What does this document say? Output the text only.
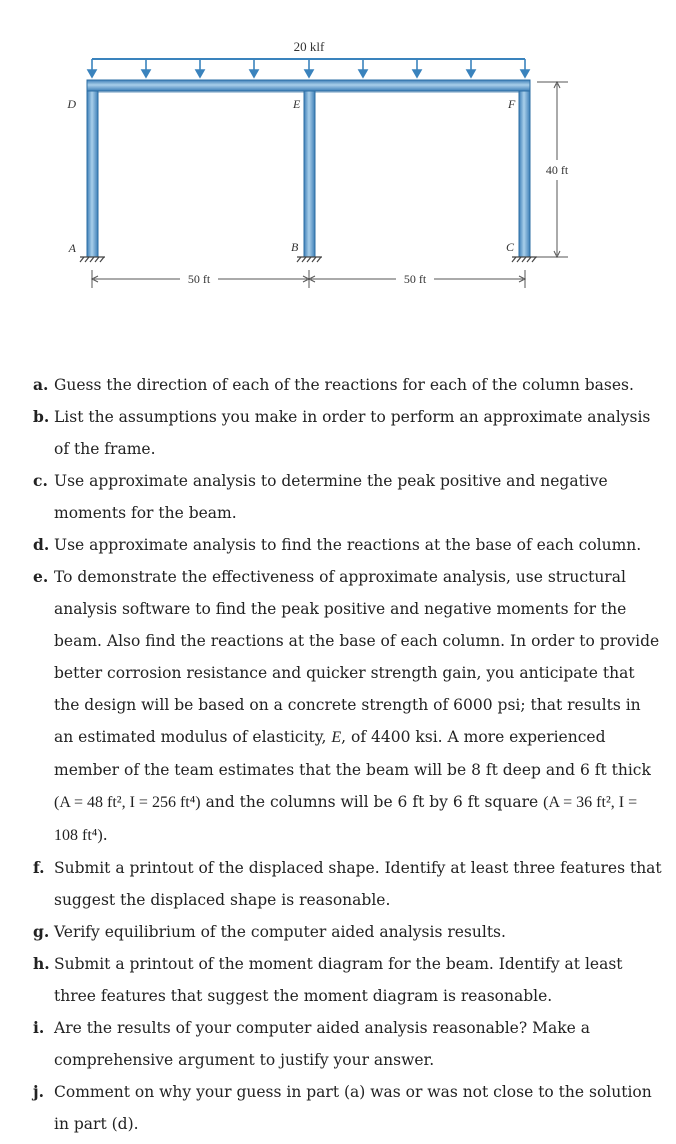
20 klf
D	E	F
A	B	C
40 ft
50 ft	50 ft
a. Guess the direction of each of the reactions for each of the column bases.
b. List the assumptions you make in order to perform an approximate analysis of the frame.
c. Use approximate analysis to determine the peak positive and negative moments for the beam.
d. Use approximate analysis to find the reactions at the base of each column.
e. To demonstrate the effectiveness of approximate analysis, use structural analysis software to find the peak positive and negative moments for the beam. Also find the reactions at the base of each column. In order to provide better corrosion resistance and quicker strength gain, you anticipate that the design will be based on a concrete strength of 6000 psi; that results in an estimated modulus of elasticity, E, of 4400 ksi. A more experienced member of the team estimates that the beam will be 8 ft deep and 6 ft thick (A = 48 ft², I = 256 ft⁴) and the columns will be 6 ft by 6 ft square (A = 36 ft², I = 108 ft⁴).
f. Submit a printout of the displaced shape. Identify at least three features that suggest the displaced shape is reasonable.
g. Verify equilibrium of the computer aided analysis results.
h. Submit a printout of the moment diagram for the beam. Identify at least three features that suggest the moment diagram is reasonable.
i. Are the results of your computer aided analysis reasonable? Make a comprehensive argument to justify your answer.
j. Comment on why your guess in part (a) was or was not close to the solution in part (d).
